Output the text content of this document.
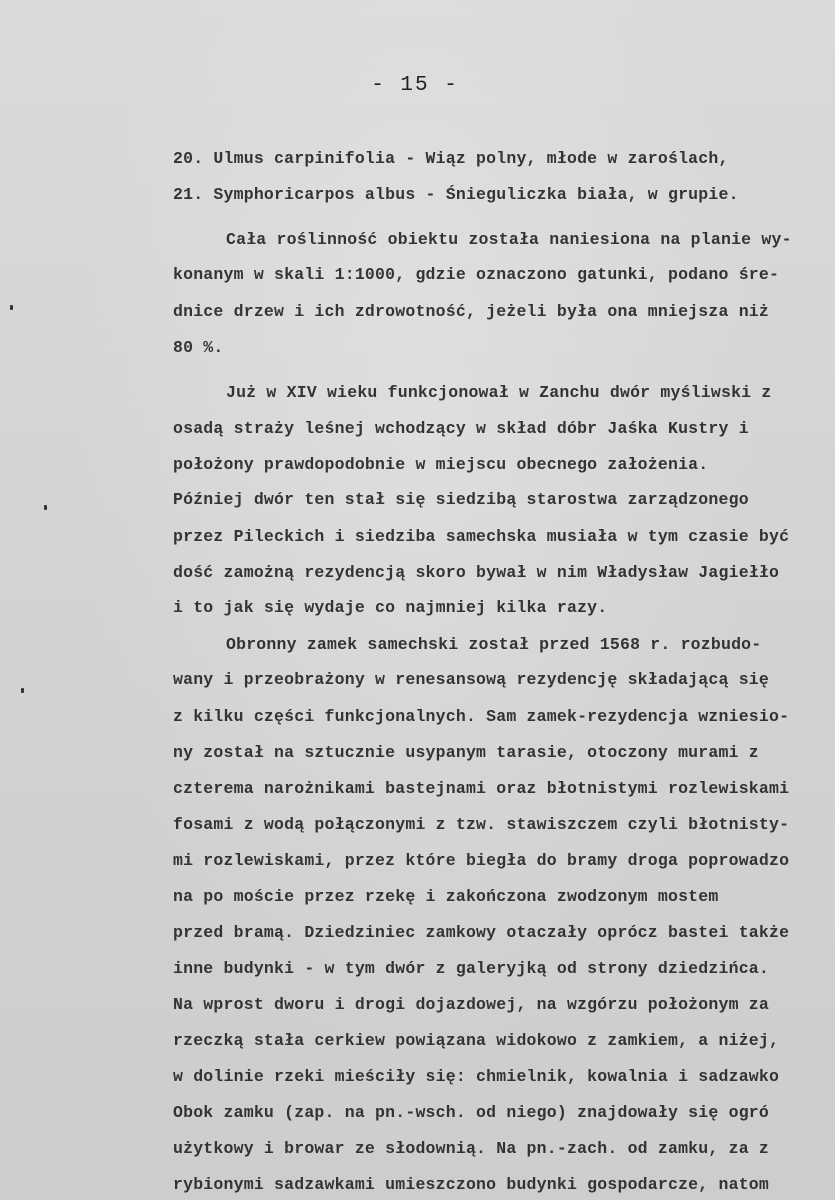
- 15 -

20. Ulmus carpinifolia - Wiąz polny, młode w zaroślach,
21. Symphoricarpos albus - Śnieguliczka biała, w grupie.
Cała roślinność obiektu została naniesiona na planie wy-
konanym w skali 1:1000, gdzie oznaczono gatunki, podano śre-
dnice drzew i ich zdrowotność, jeżeli była ona mniejsza niż
80 %.
Już w XIV wieku funkcjonował w Zanchu dwór myśliwski z
osadą straży leśnej wchodzący w skład dóbr Jaśka Kustry i
położony prawdopodobnie w miejscu obecnego założenia.
Później dwór ten stał się siedzibą starostwa zarządzonego
przez Pileckich i siedziba samechska musiała w tym czasie być
dość zamożną rezydencją skoro bywał w nim Władysław Jagiełło
i to jak się wydaje co najmniej kilka razy.
Obronny zamek samechski został przed 1568 r. rozbudo-
wany i przeobrażony w renesansową rezydencję składającą się
z kilku części funkcjonalnych. Sam zamek-rezydencja wzniesio-
ny został na sztucznie usypanym tarasie, otoczony murami z
czterema narożnikami bastejnami oraz błotnistymi rozlewiskami
fosami z wodą połączonymi z tzw. stawiszczem czyli błotnisty-
mi rozlewiskami, przez które biegła do bramy droga poprowadzo
na po moście przez rzekę i zakończona zwodzonym mostem
przed bramą. Dziedziniec zamkowy otaczały oprócz bastei także
inne budynki - w tym dwór z galeryjką od strony dziedzińca.
Na wprost dworu i drogi dojazdowej, na wzgórzu położonym za
rzeczką stała cerkiew powiązana widokowo z zamkiem, a niżej,
w dolinie rzeki mieściły się: chmielnik, kowalnia i sadzawko
Obok zamku (zap. na pn.-wsch. od niego) znajdowały się ogró
użytkowy i browar ze słodownią. Na pn.-zach. od zamku, za z
rybionymi sadzawkami umieszczono budynki gospodarcze, natom
